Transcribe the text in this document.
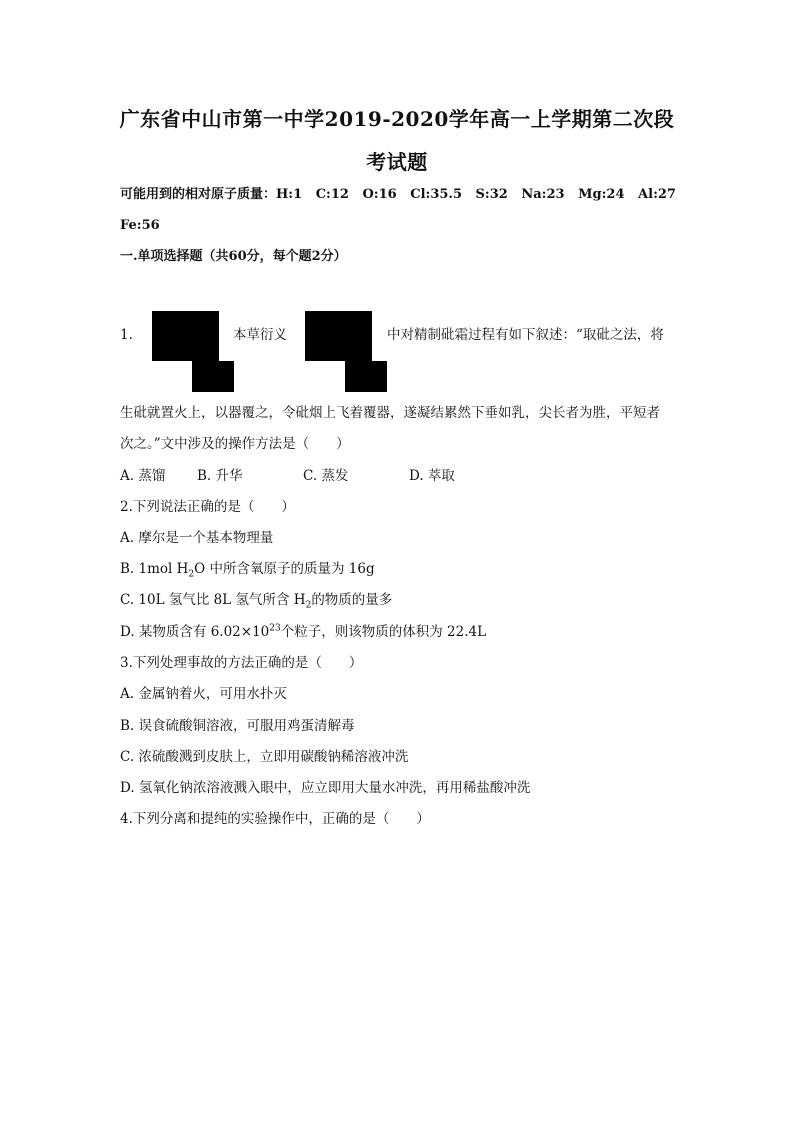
广东省中山市第一中学2019-2020学年高一上学期第二次段
考试题
可能用到的相对原子质量：H:1 C:12 O:16 Cl:35.5 S:32 Na:23 Mg:24 Al:27
Fe:56
一.单项选择题（共60分，每个题2分）
1.	本草衍义	中对精制砒霜过程有如下叙述：“取砒之法，将
生砒就置火上，以器覆之，令砒烟上飞着覆器，遂凝结累然下垂如乳，尖长者为胜，平短者
次之。”文中涉及的操作方法是（　　）
A. 蒸馏 B. 升华	C. 蒸发	D. 萃取
2.下列说法正确的是（　　）
A. 摩尔是一个基本物理量
B. 1mol $H_2O$ 中所含氧原子的质量为 16g
C. 10L 氢气比 8L 氢气所含 $H_2$的物质的量多
D. 某物质含有 $6.02\times 10^{23}$个粒子，则该物质的体积为 22.4L
3.下列处理事故的方法正确的是（　　）
A. 金属钠着火，可用水扑灭
B. 误食硫酸铜溶液，可服用鸡蛋清解毒
C. 浓硫酸溅到皮肤上，立即用碳酸钠稀溶液冲洗
D. 氢氧化钠浓溶液溅入眼中，应立即用大量水冲洗，再用稀盐酸冲洗
4.下列分离和提纯的实验操作中，正确的是（　　）
